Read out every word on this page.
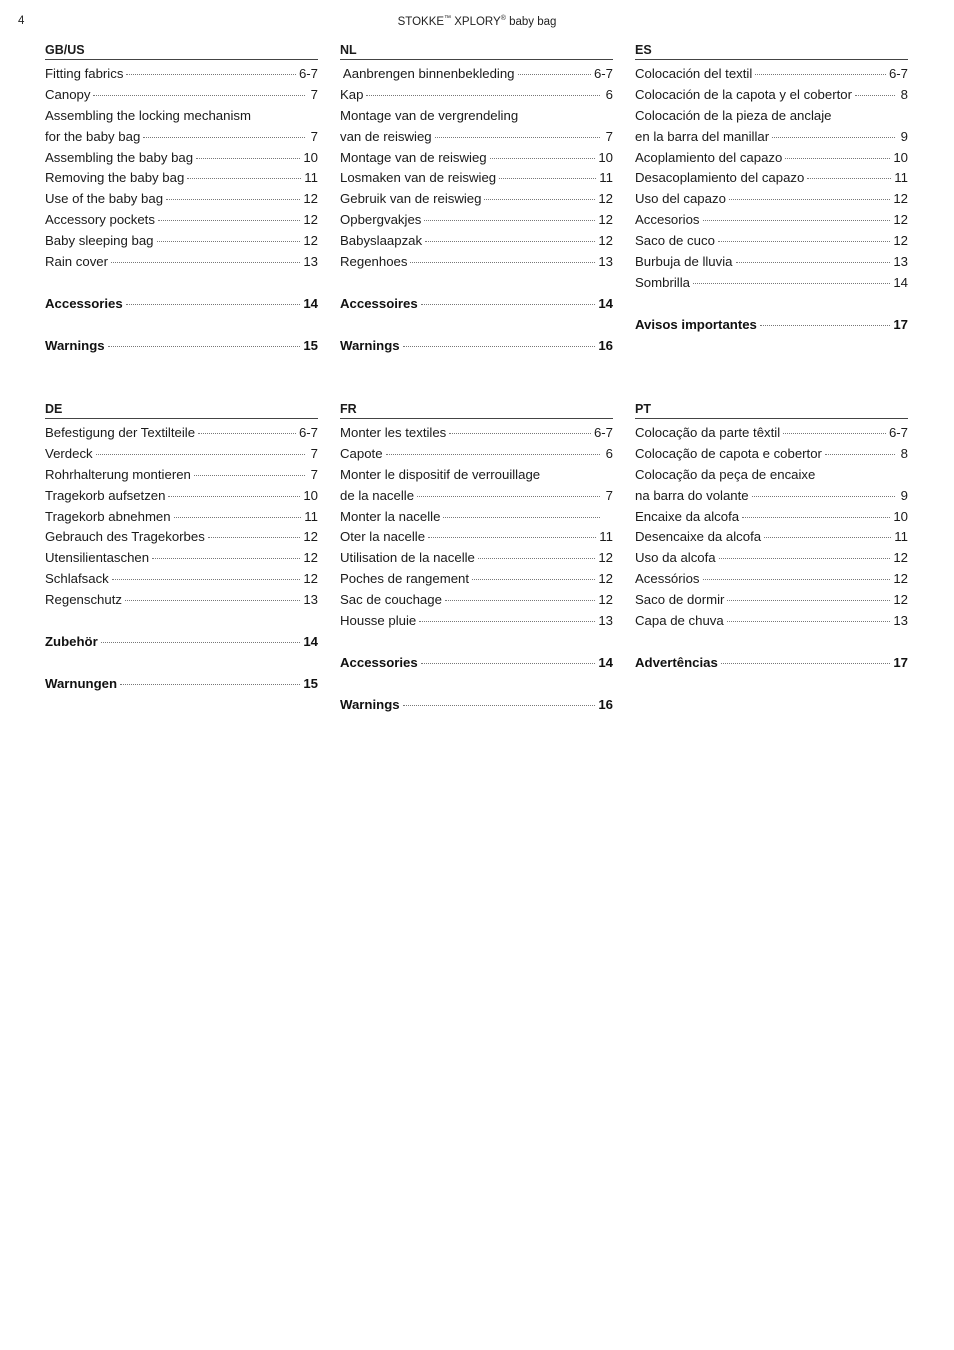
4	STOKKE™ XPLORY® baby bag
GB/US
Fitting fabrics	6-7
Canopy	7
Assembling the locking mechanism
for the baby bag	7
Assembling the baby bag	10
Removing the baby bag	11
Use of the baby bag	12
Accessory pockets	12
Baby sleeping bag	12
Rain cover	13
Accessories	14
Warnings	15
NL
Aanbrengen binnenbekleding	6-7
Kap	6
Montage van de vergrendeling
van de reiswieg	7
Montage van de reiswieg	10
Losmaken van de reiswieg	11
Gebruik van de reiswieg	12
Opbergvakjes	12
Babyslaapzak	12
Regenhoes	13
Accessoires	14
Warnings	16
ES
Colocación del textil	6-7
Colocación de la capota y el cobertor	8
Colocación de la pieza de anclaje
en la barra del manillar	9
Acoplamiento del capazo	10
Desacoplamiento del capazo	11
Uso del capazo	12
Accesorios	12
Saco de cuco	12
Burbuja de lluvia	13
Sombrilla	14
Avisos importantes	17
DE
Befestigung der Textilteile	6-7
Verdeck	7
Rohrhalterung montieren	7
Tragekorb aufsetzen	10
Tragekorb abnehmen	11
Gebrauch des Tragekorbes	12
Utensilientaschen	12
Schlafsack	12
Regenschutz	13
Zubehör	14
Warnungen	15
FR
Monter les textiles	6-7
Capote	6
Monter le dispositif de verrouillage
de la nacelle	7
Monter la nacelle
Oter la nacelle	11
Utilisation de la nacelle	12
Poches de rangement	12
Sac de couchage	12
Housse pluie	13
Accessories	14
Warnings	16
PT
Colocação da parte têxtil	6-7
Colocação de capota e cobertor	8
Colocação da peça de encaixe
na barra do volante	9
Encaixe da alcofa	10
Desencaixe da alcofa	11
Uso da alcofa	12
Acessórios	12
Saco de dormir	12
Capa de chuva	13
Advertências	17
